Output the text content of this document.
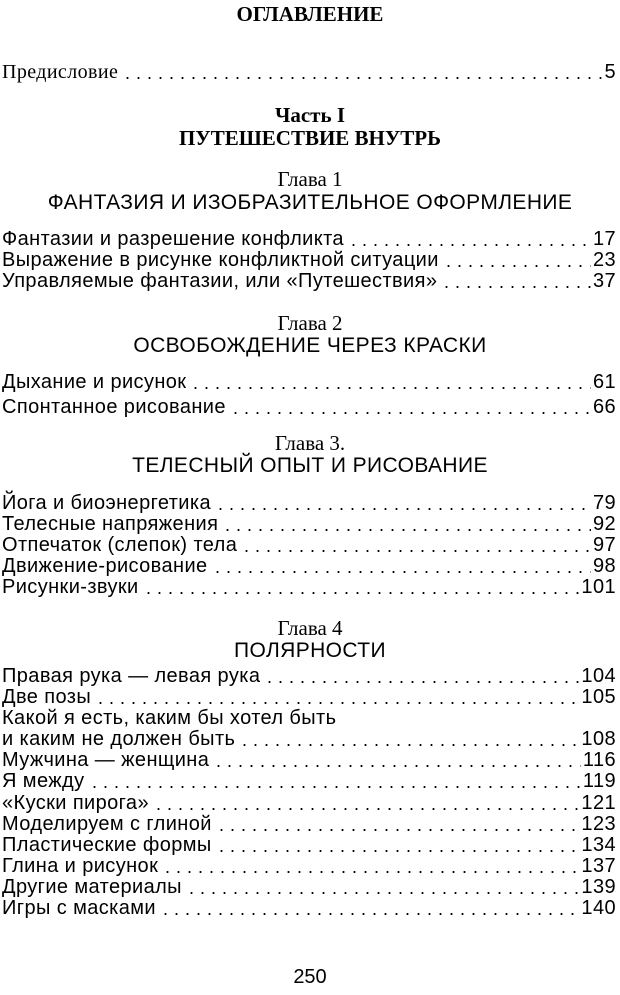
ОГЛАВЛЕНИЕ
Предисловие	5
Часть I
ПУТЕШЕСТВИЕ ВНУТРЬ
Глава 1
ФАНТАЗИЯ И ИЗОБРАЗИТЕЛЬНОЕ ОФОРМЛЕНИЕ
Фантазии и разрешение конфликта	17
Выражение в рисунке конфликтной ситуации	23
Управляемые фантазии, или «Путешествия»	37
Глава 2
ОСВОБОЖДЕНИЕ ЧЕРЕЗ КРАСКИ
Дыхание и рисунок	61
Спонтанное рисование	66
Глава 3.
ТЕЛЕСНЫЙ ОПЫТ И РИСОВАНИЕ
Йога и биоэнергетика	79
Телесные напряжения	92
Отпечаток (слепок) тела	97
Движение-рисование	98
Рисунки-звуки	101
Глава 4
ПОЛЯРНОСТИ
Правая рука — левая рука	104
Две позы	105
Какой я есть, каким бы хотел быть
и каким не должен быть	108
Мужчина — женщина	116
Я между	119
«Куски пирога»	121
Моделируем с глиной	123
Пластические формы	134
Глина и рисунок	137
Другие материалы	139
Игры с масками	140
250
